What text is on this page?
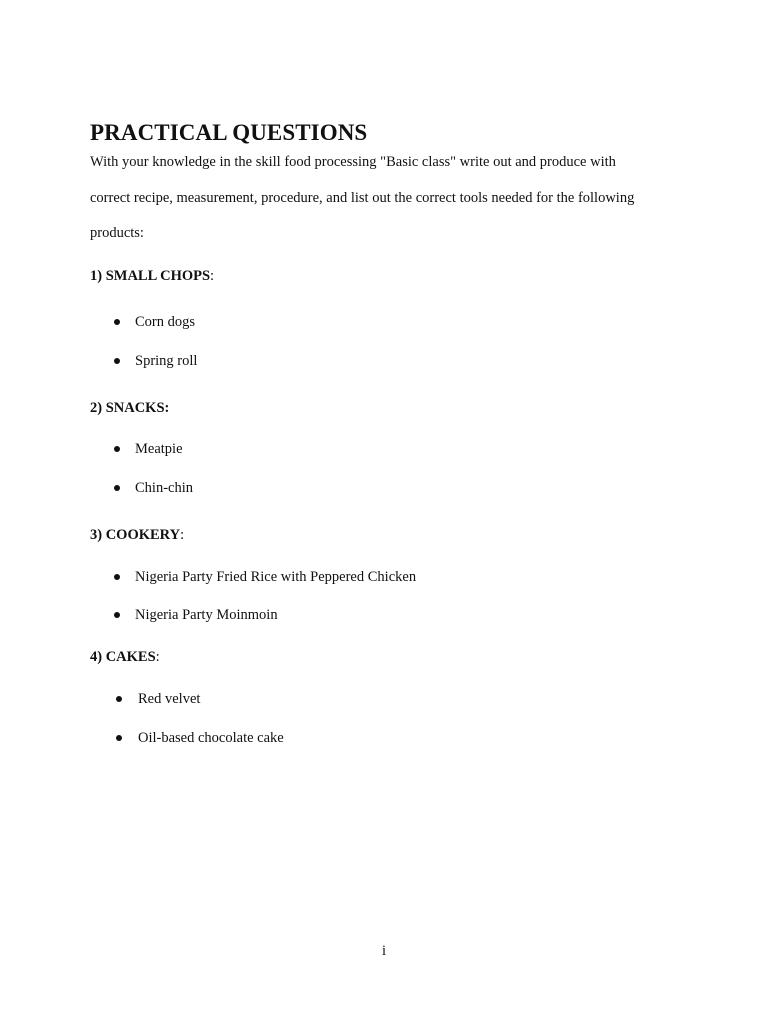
PRACTICAL QUESTIONS
With your knowledge in the skill food processing "Basic class" write out and produce with
correct recipe, measurement, procedure, and list out the correct tools needed for the following
products:
1) SMALL CHOPS:
Corn dogs
Spring roll
2) SNACKS:
Meatpie
Chin-chin
3) COOKERY:
Nigeria Party Fried Rice with Peppered Chicken
Nigeria Party Moinmoin
4) CAKES:
Red velvet
Oil-based chocolate cake
i
